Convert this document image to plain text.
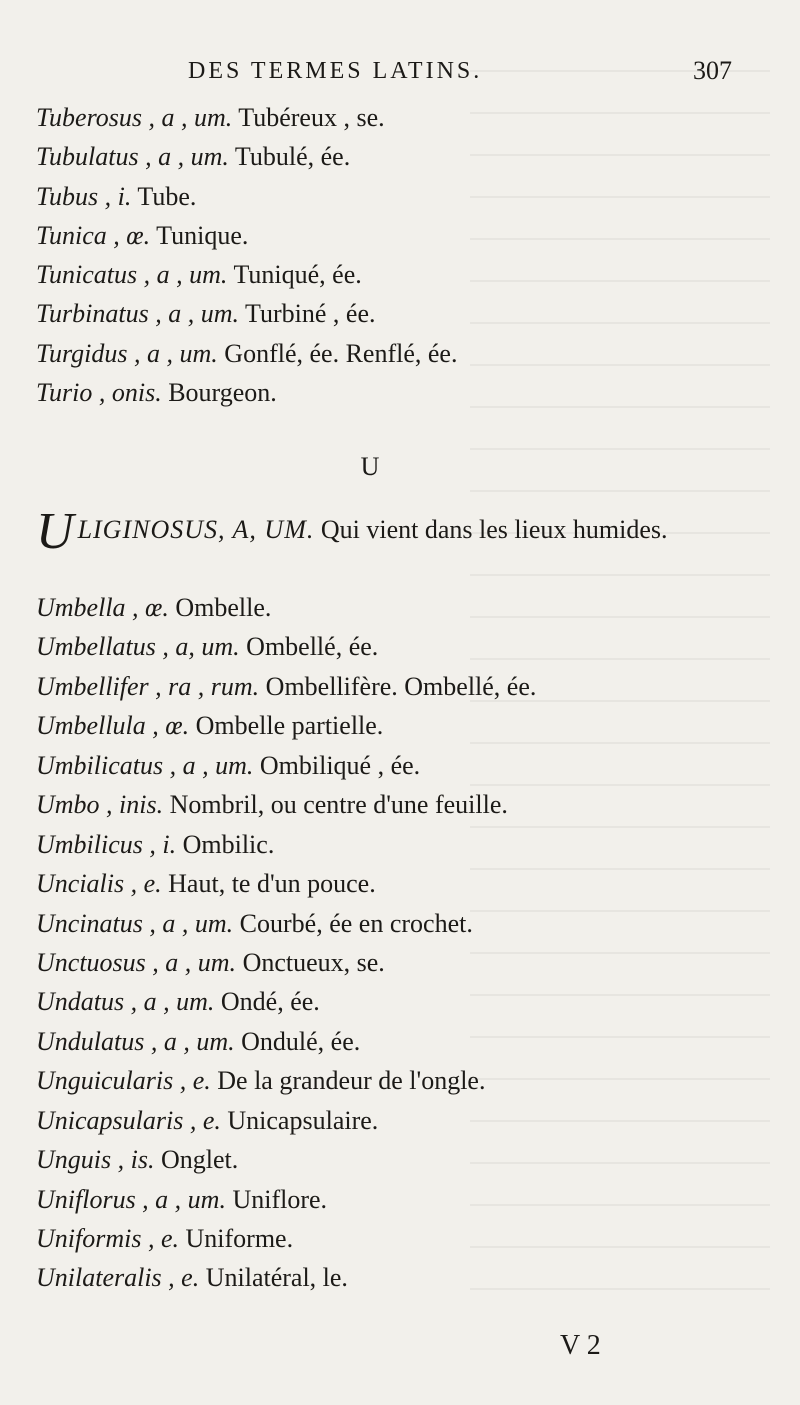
DES TERMES LATINS.	307
Tuberosus , a , um. Tubéreux , se.
Tubulatus , a , um. Tubulé, ée.
Tubus , i. Tube.
Tunica , œ. Tunique.
Tunicatus , a , um. Tuniqué, ée.
Turbinatus , a , um. Turbiné , ée.
Turgidus , a , um. Gonflé, ée. Renflé, ée.
Turio , onis. Bourgeon.
U
ULIGINOSUS, A, UM. Qui vient dans les lieux humides.
Umbella , œ. Ombelle.
Umbellatus , a, um. Ombellé, ée.
Umbellifer , ra , rum. Ombellifère. Ombellé, ée.
Umbellula , œ. Ombelle partielle.
Umbilicatus , a , um. Ombiliqué , ée.
Umbo , inis. Nombril, ou centre d'une feuille.
Umbilicus , i. Ombilic.
Uncialis , e. Haut, te d'un pouce.
Uncinatus , a , um. Courbé, ée en crochet.
Unctuosus , a , um. Onctueux, se.
Undatus , a , um. Ondé, ée.
Undulatus , a , um. Ondulé, ée.
Unguicularis , e. De la grandeur de l'ongle.
Unicapsularis , e. Unicapsulaire.
Unguis , is. Onglet.
Uniflorus , a , um. Uniflore.
Uniformis , e. Uniforme.
Unilateralis , e. Unilatéral, le.
V 2
